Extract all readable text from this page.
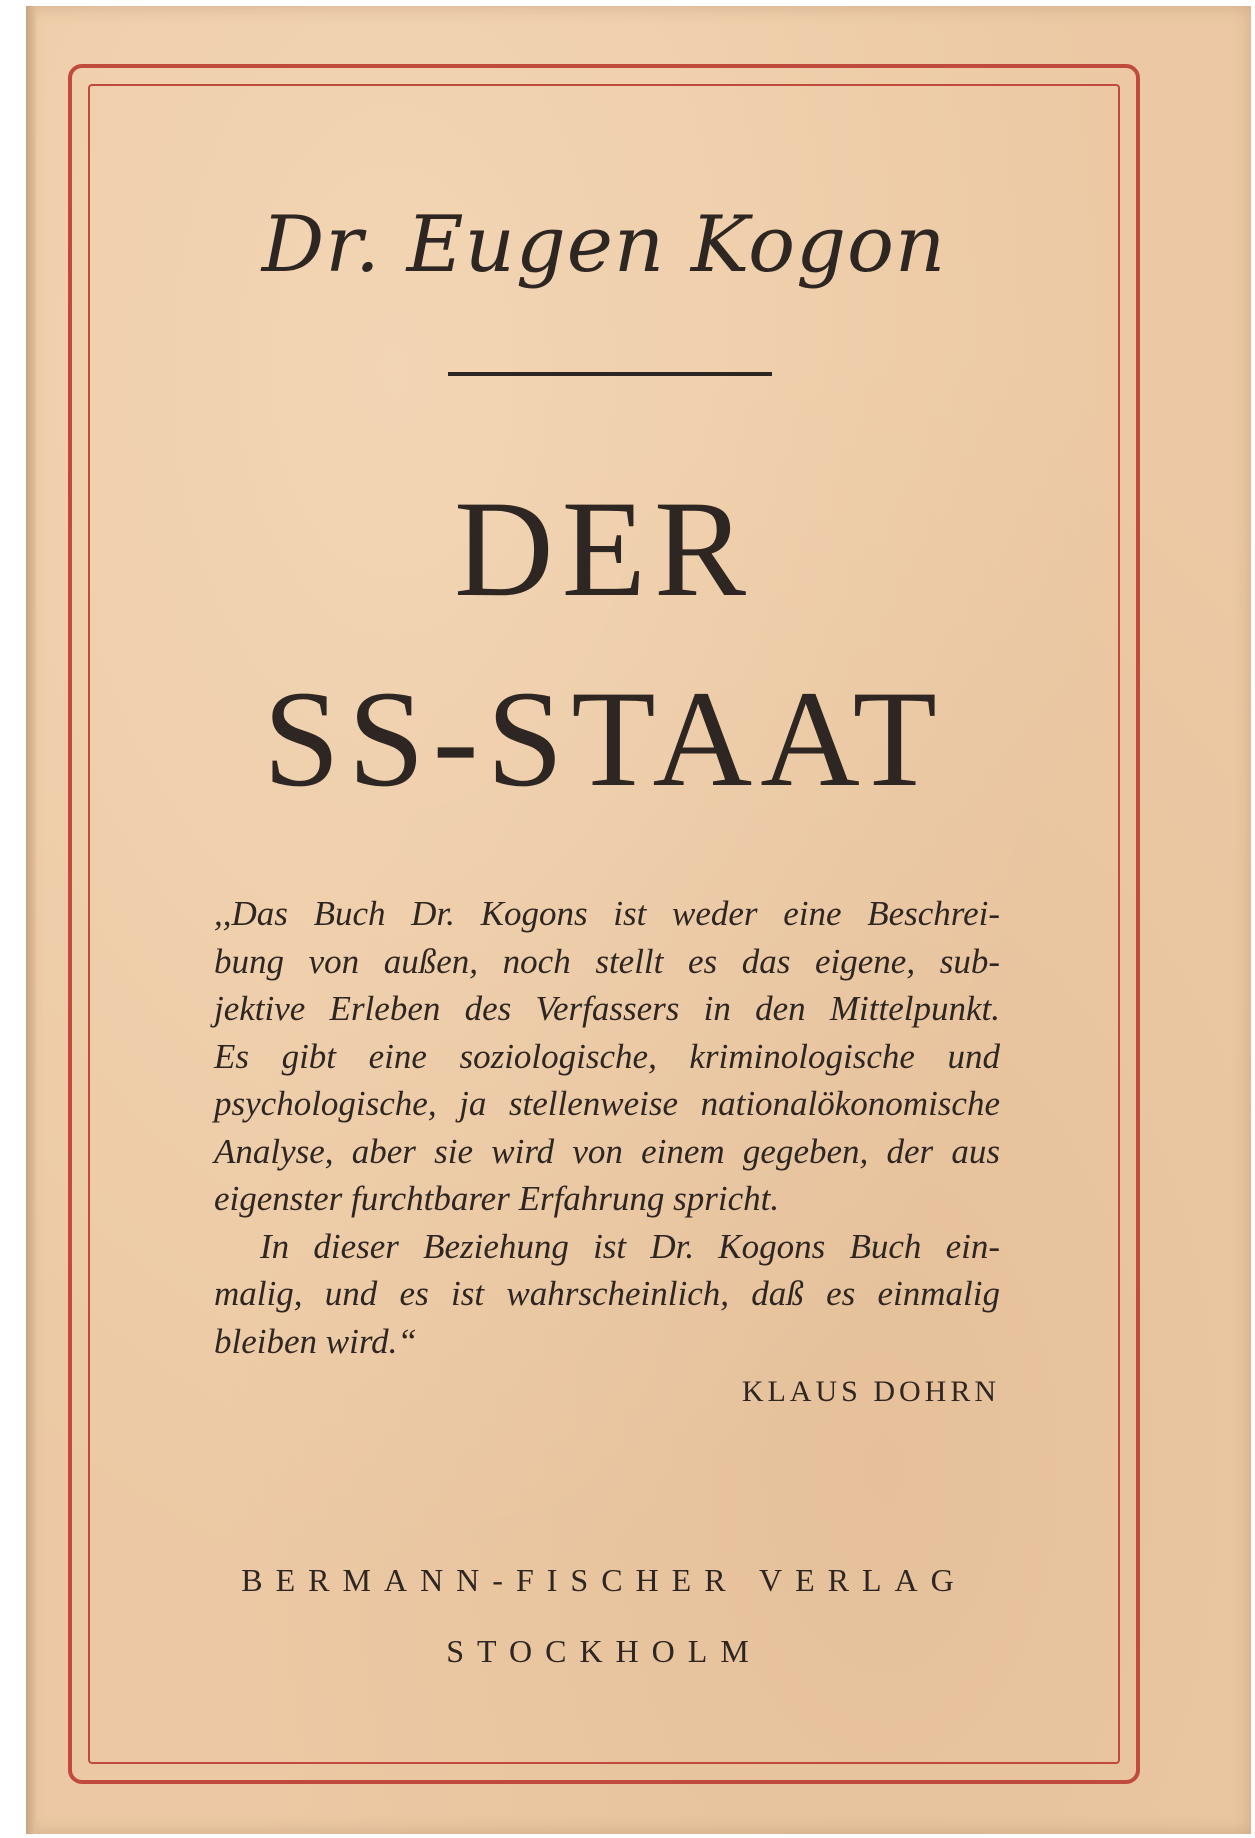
Dr. Eugen Kogon
DER
SS-STAAT
,,Das Buch Dr. Kogons ist weder eine Beschrei-
bung von außen, noch stellt es das eigene, sub-
jektive Erleben des Verfassers in den Mittelpunkt.
Es gibt eine soziologische, kriminologische und
psychologische, ja stellenweise nationalökonomische
Analyse, aber sie wird von einem gegeben, der aus
eigenster furchtbarer Erfahrung spricht.
In dieser Beziehung ist Dr. Kogons Buch ein-
malig, und es ist wahrscheinlich, daß es einmalig
bleiben wird.“
KLAUS DOHRN
BERMANN-FISCHER VERLAG
STOCKHOLM
